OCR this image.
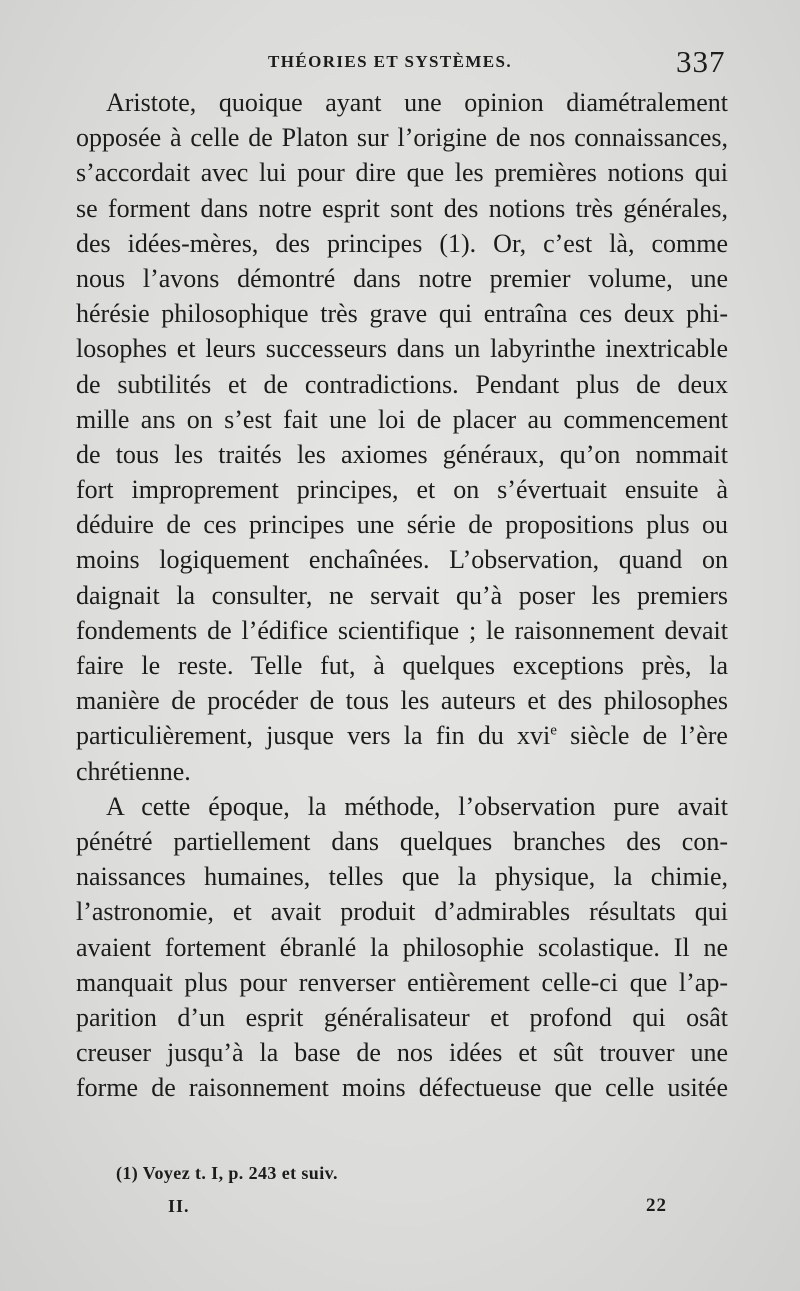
THÉORIES ET SYSTÈMES.	337
Aristote, quoique ayant une opinion diamétralement
opposée à celle de Platon sur l’origine de nos connaissances,
s’accordait avec lui pour dire que les premières notions qui
se forment dans notre esprit sont des notions très générales,
des idées-mères, des principes (1). Or, c’est là, comme
nous l’avons démontré dans notre premier volume, une
hérésie philosophique très grave qui entraîna ces deux phi-
losophes et leurs successeurs dans un labyrinthe inextricable
de subtilités et de contradictions. Pendant plus de deux
mille ans on s’est fait une loi de placer au commencement
de tous les traités les axiomes généraux, qu’on nommait
fort improprement principes, et on s’évertuait ensuite à
déduire de ces principes une série de propositions plus ou
moins logiquement enchaînées. L’observation, quand on
daignait la consulter, ne servait qu’à poser les premiers
fondements de l’édifice scientifique ; le raisonnement devait
faire le reste. Telle fut, à quelques exceptions près, la
manière de procéder de tous les auteurs et des philosophes
particulièrement, jusque vers la fin du xvi$^e$ siècle de l’ère
chrétienne.
A cette époque, la méthode, l’observation pure avait
pénétré partiellement dans quelques branches des con-
naissances humaines, telles que la physique, la chimie,
l’astronomie, et avait produit d’admirables résultats qui
avaient fortement ébranlé la philosophie scolastique. Il ne
manquait plus pour renverser entièrement celle-ci que l’ap-
parition d’un esprit généralisateur et profond qui osât
creuser jusqu’à la base de nos idées et sût trouver une
forme de raisonnement moins défectueuse que celle usitée
(1) Voyez t. I, p. 243 et suiv.
II.	22
